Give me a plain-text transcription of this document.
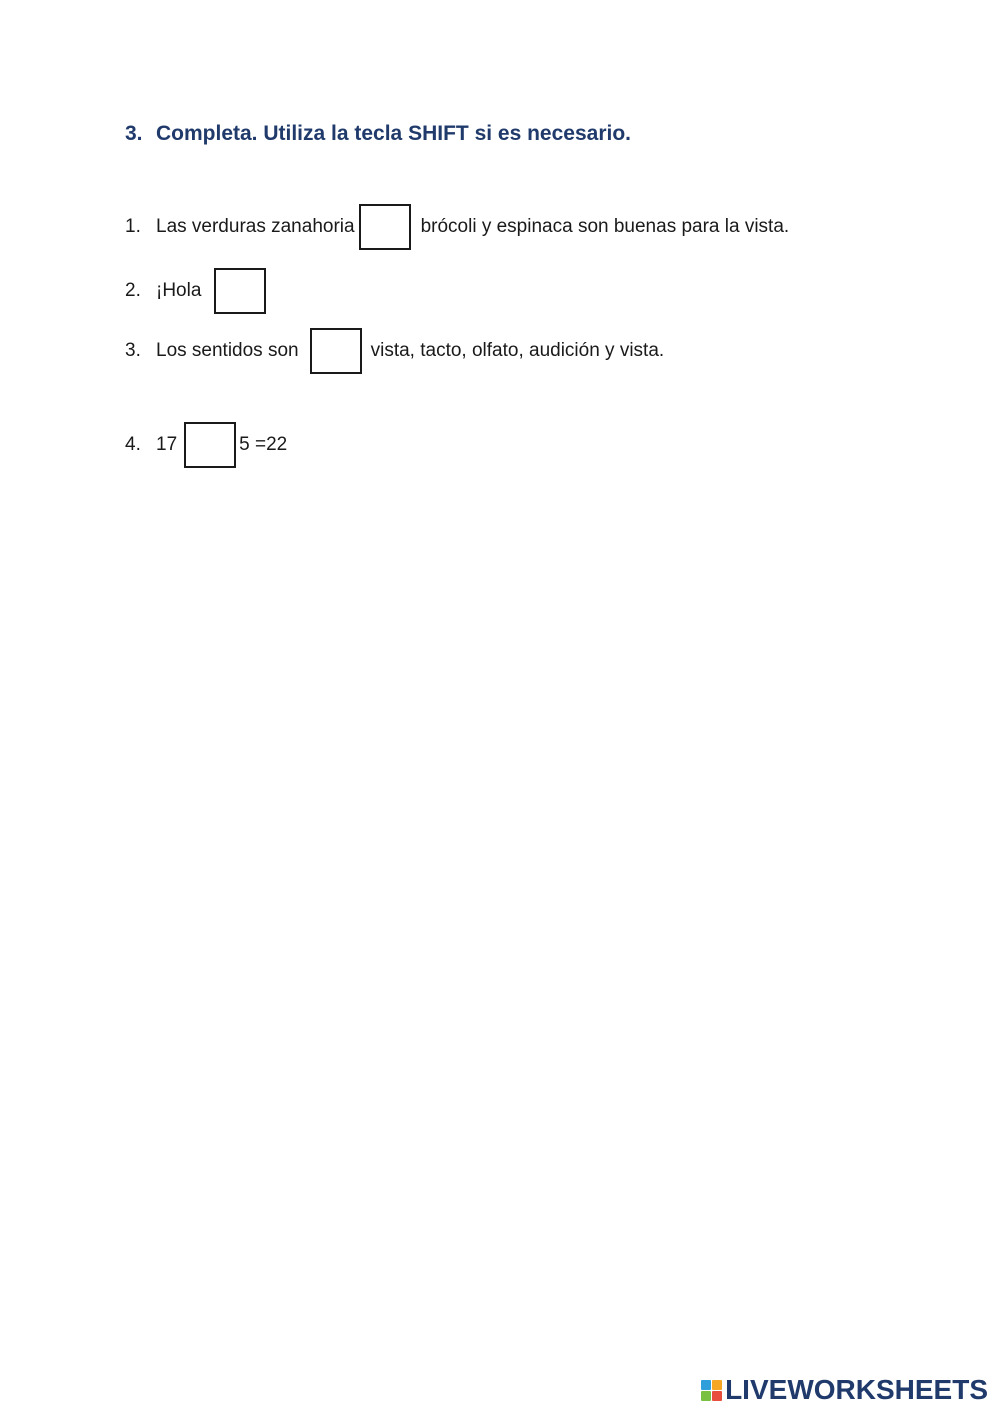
3. Completa. Utiliza la tecla SHIFT si es necesario.
1. Las verduras zanahoria	brócoli y espinaca son buenas para la vista.
2. ¡Hola
3. Los sentidos son	vista, tacto, olfato, audición y vista.
4. 17	5 =22
LIVEWORKSHEETS
